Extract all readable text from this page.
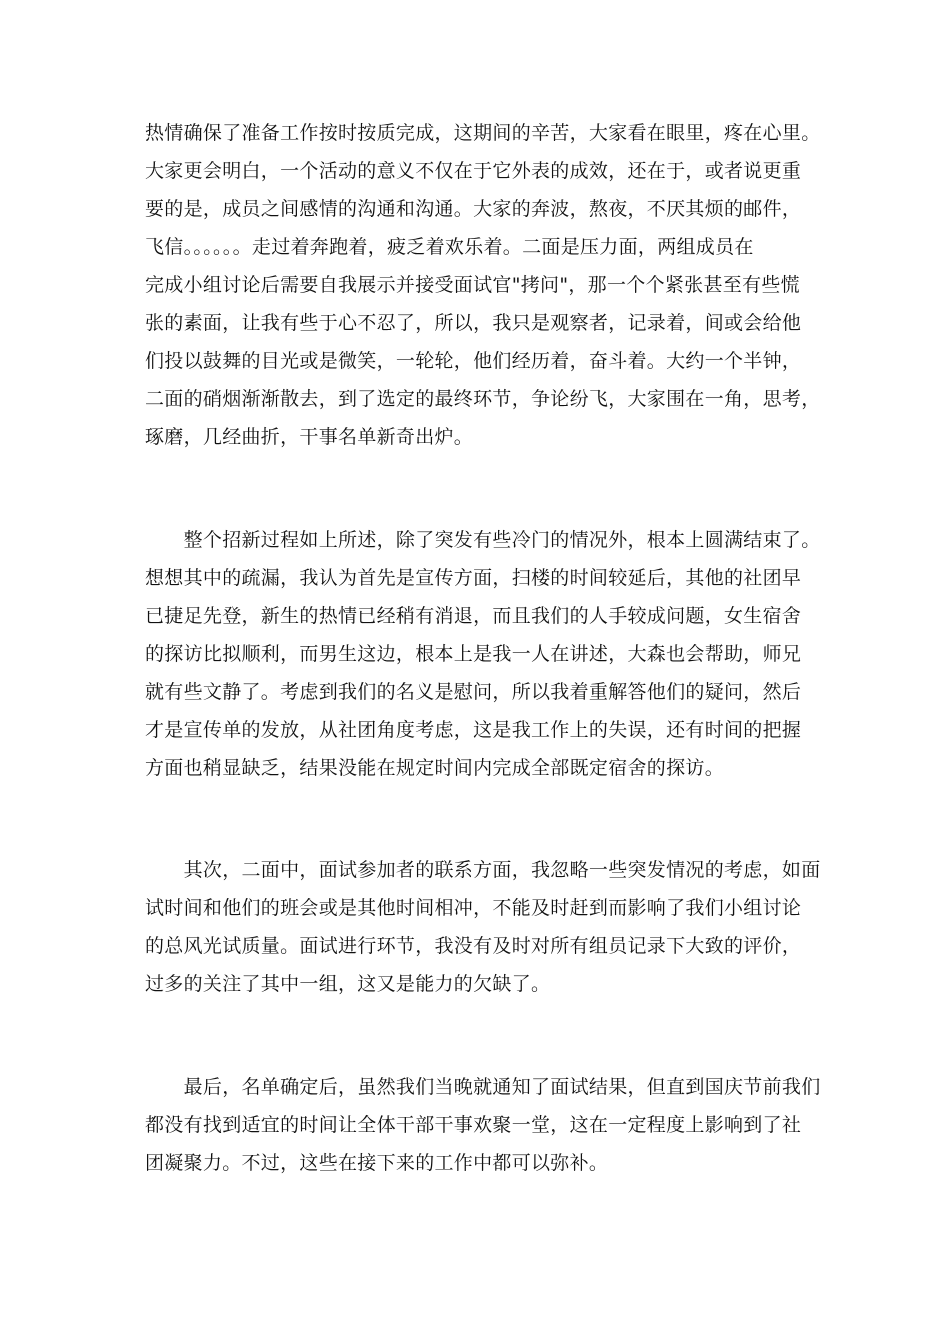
热情确保了准备工作按时按质完成，这期间的辛苦，大家看在眼里，疼在心里。
大家更会明白，一个活动的意义不仅在于它外表的成效，还在于，或者说更重
要的是，成员之间感情的沟通和沟通。大家的奔波，熬夜，不厌其烦的邮件，
飞信。。。。。。走过着奔跑着，疲乏着欢乐着。二面是压力面，两组成员在
完成小组讨论后需要自我展示并接受面试官"拷问"，那一个个紧张甚至有些慌
张的素面，让我有些于心不忍了，所以，我只是观察者，记录着，间或会给他
们投以鼓舞的目光或是微笑，一轮轮，他们经历着，奋斗着。大约一个半钟，
二面的硝烟渐渐散去，到了选定的最终环节，争论纷飞，大家围在一角，思考，
琢磨，几经曲折，干事名单新奇出炉。
　　整个招新过程如上所述，除了突发有些冷门的情况外，根本上圆满结束了。
想想其中的疏漏，我认为首先是宣传方面，扫楼的时间较延后，其他的社团早
已捷足先登，新生的热情已经稍有消退，而且我们的人手较成问题，女生宿舍
的探访比拟顺利，而男生这边，根本上是我一人在讲述，大森也会帮助，师兄
就有些文静了。考虑到我们的名义是慰问，所以我着重解答他们的疑问，然后
才是宣传单的发放，从社团角度考虑，这是我工作上的失误，还有时间的把握
方面也稍显缺乏，结果没能在规定时间内完成全部既定宿舍的探访。
　　其次，二面中，面试参加者的联系方面，我忽略一些突发情况的考虑，如面
试时间和他们的班会或是其他时间相冲，不能及时赶到而影响了我们小组讨论
的总风光试质量。面试进行环节，我没有及时对所有组员记录下大致的评价，
过多的关注了其中一组，这又是能力的欠缺了。
　　最后，名单确定后，虽然我们当晚就通知了面试结果，但直到国庆节前我们
都没有找到适宜的时间让全体干部干事欢聚一堂，这在一定程度上影响到了社
团凝聚力。不过，这些在接下来的工作中都可以弥补。
